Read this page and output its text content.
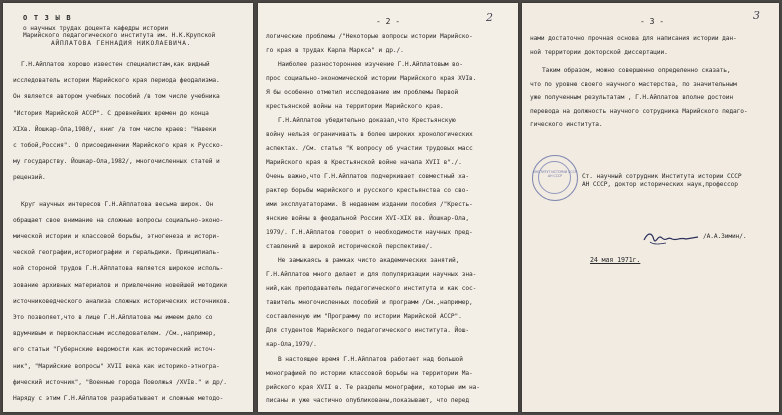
О Т З Ы В
о научных трудах доцента кафедры истории
Марийского педагогического института им. Н.К.Крупской
АЙПЛАТОВА ГЕННАДИЯ НИКОЛАЕВИЧА.
Г.Н.Айплатов хорошо известен специалистам,как видный
исследователь истории Марийского края периода феодализма.
Он является автором учебных пособий /в том числе учебника
"История Марийской АССР". С древнейших времен до конца
XIXв. Йошкар-Ола,1980/, книг /в том числе краев: "Навеки
с тобой,Россия". О присоединении Марийского края к Русско-
му государству. Йошкар-Ола,1982/, многочисленных статей и
рецензий.
Круг научных интересов Г.Н.Айплатова весьма широк. Он
обращает свое внимание на сложные вопросы социально-эконо-
мической истории и классовой борьбы, этногенеза и истори-
ческой географии,историографии и геральдики. Принципиаль-
ной стороной трудов Г.Н.Айплатова является широкое исполь-
зование архивных материалов и привлечение новейшей методики
источниковедческого анализа сложных исторических источников.
Это позволяет,что в лице Г.Н.Айплатова мы имеем дело со
вдумчивым и первоклассным исследователем. /См.,например,
его статьи "Губернские ведомости как исторический источ-
ник", "Марийские вопросы" XVII века как историко-этногра-
фический источник", "Военные города Поволжья /XVIв." и др/.
Наряду с этим Г.Н.Айплатов разрабатывает и сложные методо-
- 2 -	2
логические проблемы /"Некоторые вопросы истории Марийско-
го края в трудах Карла Маркса" и др./.
Наиболее разностороннее изучение Г.Н.Айплатовым во-
прос социально-экономической истории Марийского края XVIв.
Я бы особенно отметил исследование им проблемы Первой
крестьянской войны на территории Марийского края.
Г.Н.Айплатов убедительно доказал,что Крестьянскую
войну нельзя ограничивать в более широких хронологических
аспектах. /См. статья "К вопросу об участии трудовых масс
Марийского края в Крестьянской войне начала XVII в"./.
Очень важно,что Г.Н.Айплатов подчеркивает совместный ха-
рактер борьбы марийского и русского крестьянства со сво-
ими эксплуататорами. В недавнем издании пособия /"Кресть-
янские войны в феодальной России XVI-XIX вв. Йошкар-Ола,
1979/. Г.Н.Айплатов говорит о необходимости научных пред-
ставлений в широкой исторической перспективе/.
Не замыкаясь в рамках чисто академических занятий,
Г.Н.Айплатов много делает и для популяризации научных зна-
ний,как преподаватель педагогического института и как сос-
тавитель многочисленных пособий и программ /См.,например,
составленную им "Программу по истории Марийской АССР".
Для студентов Марийского педагогического института. Йош-
кар-Ола,1979/.
В настоящее время Г.Н.Айплатов работает над большой
монографией по истории классовой борьбы на территории Ма-
рийского края XVII в. Те разделы монографии, которые им на-
писаны и уже частично опубликованы,показывают, что перед
- 3 -	3
нами достаточно прочная основа для написания истории дан-
ной территории докторской диссертации.
Таким образом, можно совершенно определенно сказать,
что по уровню своего научного мастерства, по значительным
уже полученным результатам , Г.Н.Айплатов вполне достоин
перевода на должность научного сотрудника Марийского педаго-
гического института.
ИНСТИТУТ ИСТОРИИ СССР АН СССР	Ст. научный сотрудник Института истории СССР
АН СССР, доктор исторических наук,профессор
/А.А.Зимин/.
24 мая 1971г.
